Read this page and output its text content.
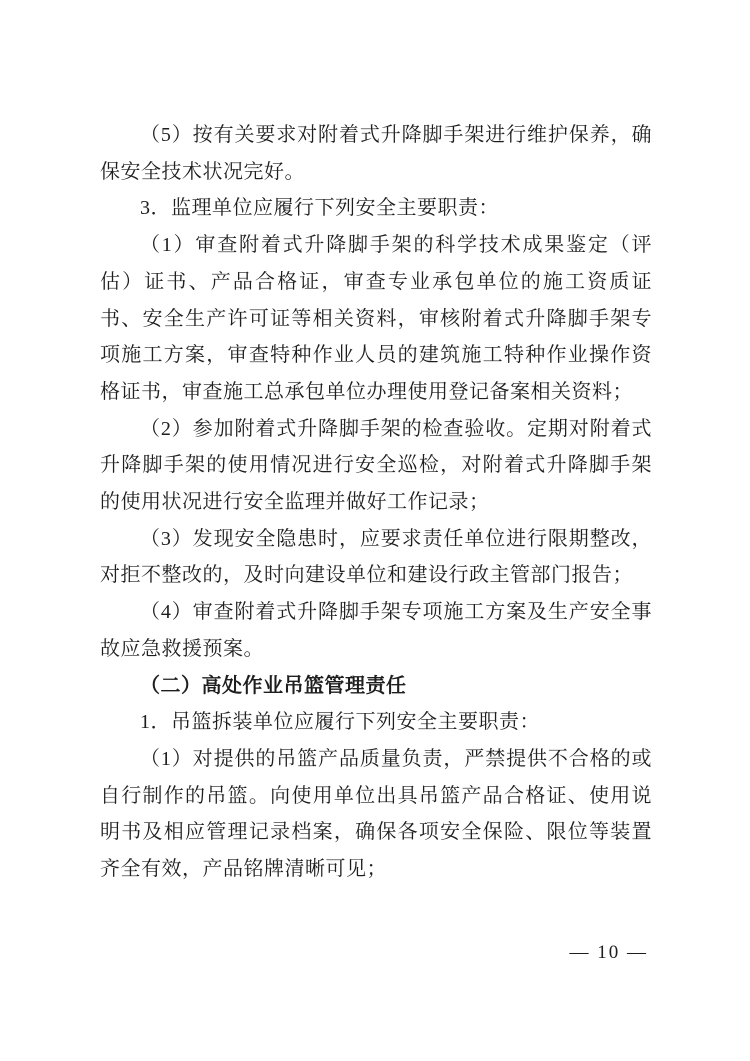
（5）按有关要求对附着式升降脚手架进行维护保养，确保安全技术状况完好。

3．监理单位应履行下列安全主要职责：

（1）审查附着式升降脚手架的科学技术成果鉴定（评估）证书、产品合格证，审查专业承包单位的施工资质证书、安全生产许可证等相关资料，审核附着式升降脚手架专项施工方案，审查特种作业人员的建筑施工特种作业操作资格证书，审查施工总承包单位办理使用登记备案相关资料；

（2）参加附着式升降脚手架的检查验收。定期对附着式升降脚手架的使用情况进行安全巡检，对附着式升降脚手架的使用状况进行安全监理并做好工作记录；

（3）发现安全隐患时，应要求责任单位进行限期整改，对拒不整改的，及时向建设单位和建设行政主管部门报告；

（4）审查附着式升降脚手架专项施工方案及生产安全事故应急救援预案。

（二）高处作业吊篮管理责任

1．吊篮拆装单位应履行下列安全主要职责：

（1）对提供的吊篮产品质量负责，严禁提供不合格的或自行制作的吊篮。向使用单位出具吊篮产品合格证、使用说明书及相应管理记录档案，确保各项安全保险、限位等装置齐全有效，产品铭牌清晰可见；

— 10 —
